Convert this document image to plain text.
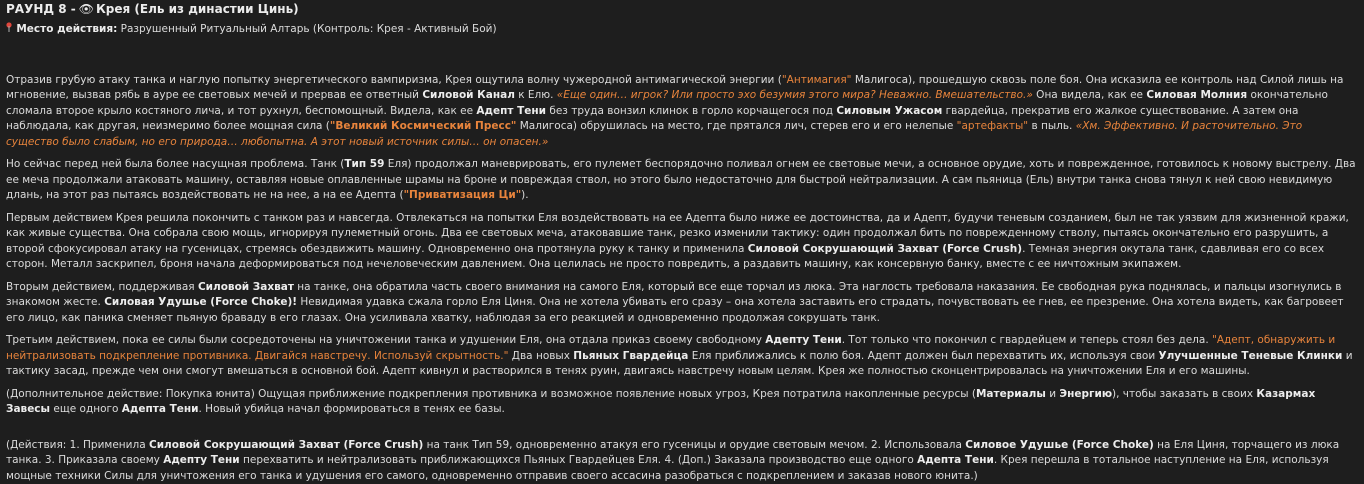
РАУНД 8 - 👁 Крея (Ель из династии Цинь)
Место действия: Разрушенный Ритуальный Алтарь (Контроль: Крея - Активный Бой)

Отразив грубую атаку танка и наглую попытку энергетического вампиризма, Крея ощутила волну чужеродной антимагической энергии ("Антимагия" Малигоса), прошедшую сквозь поле боя. Она исказила ее контроль над Силой лишь на мгновение, вызвав рябь в ауре ее световых мечей и прервав ее ответный Силовой Канал к Елю. «Еще один… игрок? Или просто эхо безумия этого мира? Неважно. Вмешательство.» Она видела, как ее Силовая Молния окончательно сломала второе крыло костяного лича, и тот рухнул, беспомощный. Видела, как ее Адепт Тени без труда вонзил клинок в горло корчащегося под Силовым Ужасом гвардейца, прекратив его жалкое существование. А затем она наблюдала, как другая, неизмеримо более мощная сила ("Великий Космический Пресс" Малигоса) обрушилась на место, где прятался лич, стерев его и его нелепые "артефакты" в пыль. «Хм. Эффективно. И расточительно. Это существо было слабым, но его природа… любопытна. А этот новый источник силы… он опасен.»

Но сейчас перед ней была более насущная проблема. Танк (Тип 59 Еля) продолжал маневрировать, его пулемет беспорядочно поливал огнем ее световые мечи, а основное орудие, хоть и поврежденное, готовилось к новому выстрелу. Два ее меча продолжали атаковать машину, оставляя новые оплавленные шрамы на броне и повреждая ствол, но этого было недостаточно для быстрой нейтрализации. А сам пьяница (Ель) внутри танка снова тянул к ней свою невидимую длань, на этот раз пытаясь воздействовать не на нее, а на ее Адепта ("Приватизация Ци").

Первым действием Крея решила покончить с танком раз и навсегда. Отвлекаться на попытки Еля воздействовать на ее Адепта было ниже ее достоинства, да и Адепт, будучи теневым созданием, был не так уязвим для жизненной кражи, как живые существа. Она собрала свою мощь, игнорируя пулеметный огонь. Два ее световых меча, атаковавшие танк, резко изменили тактику: один продолжал бить по поврежденному стволу, пытаясь окончательно его разрушить, а второй сфокусировал атаку на гусеницах, стремясь обездвижить машину. Одновременно она протянула руку к танку и применила Силовой Сокрушающий Захват (Force Crush). Темная энергия окутала танк, сдавливая его со всех сторон. Металл заскрипел, броня начала деформироваться под нечеловеческим давлением. Она целилась не просто повредить, а раздавить машину, как консервную банку, вместе с ее ничтожным экипажем.

Вторым действием, поддерживая Силовой Захват на танке, она обратила часть своего внимания на самого Еля, который все еще торчал из люка. Эта наглость требовала наказания. Ее свободная рука поднялась, и пальцы изогнулись в знакомом жесте. Силовая Удушье (Force Choke)! Невидимая удавка сжала горло Еля Циня. Она не хотела убивать его сразу – она хотела заставить его страдать, почувствовать ее гнев, ее презрение. Она хотела видеть, как багровеет его лицо, как паника сменяет пьяную браваду в его глазах. Она усиливала хватку, наблюдая за его реакцией и одновременно продолжая сокрушать танк.

Третьим действием, пока ее силы были сосредоточены на уничтожении танка и удушении Еля, она отдала приказ своему свободному Адепту Тени. Тот только что покончил с гвардейцем и теперь стоял без дела. "Адепт, обнаружить и нейтрализовать подкрепление противника. Двигайся навстречу. Используй скрытность." Два новых Пьяных Гвардейца Еля приближались к полю боя. Адепт должен был перехватить их, используя свои Улучшенные Теневые Клинки и тактику засад, прежде чем они смогут вмешаться в основной бой. Адепт кивнул и растворился в тенях руин, двигаясь навстречу новым целям. Крея же полностью сконцентрировалась на уничтожении Еля и его машины.

(Дополнительное действие: Покупка юнита) Ощущая приближение подкрепления противника и возможное появление новых угроз, Крея потратила накопленные ресурсы (Материалы и Энергию), чтобы заказать в своих Казармах Завесы еще одного Адепта Тени. Новый убийца начал формироваться в тенях ее базы.

(Действия: 1. Применила Силовой Сокрушающий Захват (Force Crush) на танк Тип 59, одновременно атакуя его гусеницы и орудие световым мечом. 2. Использовала Силовое Удушье (Force Choke) на Еля Циня, торчащего из люка танка. 3. Приказала своему Адепту Тени перехватить и нейтрализовать приближающихся Пьяных Гвардейцев Еля. 4. (Доп.) Заказала производство еще одного Адепта Тени. Крея перешла в тотальное наступление на Еля, используя мощные техники Силы для уничтожения его танка и удушения его самого, одновременно отправив своего ассасина разобраться с подкреплением и заказав нового юнита.)
